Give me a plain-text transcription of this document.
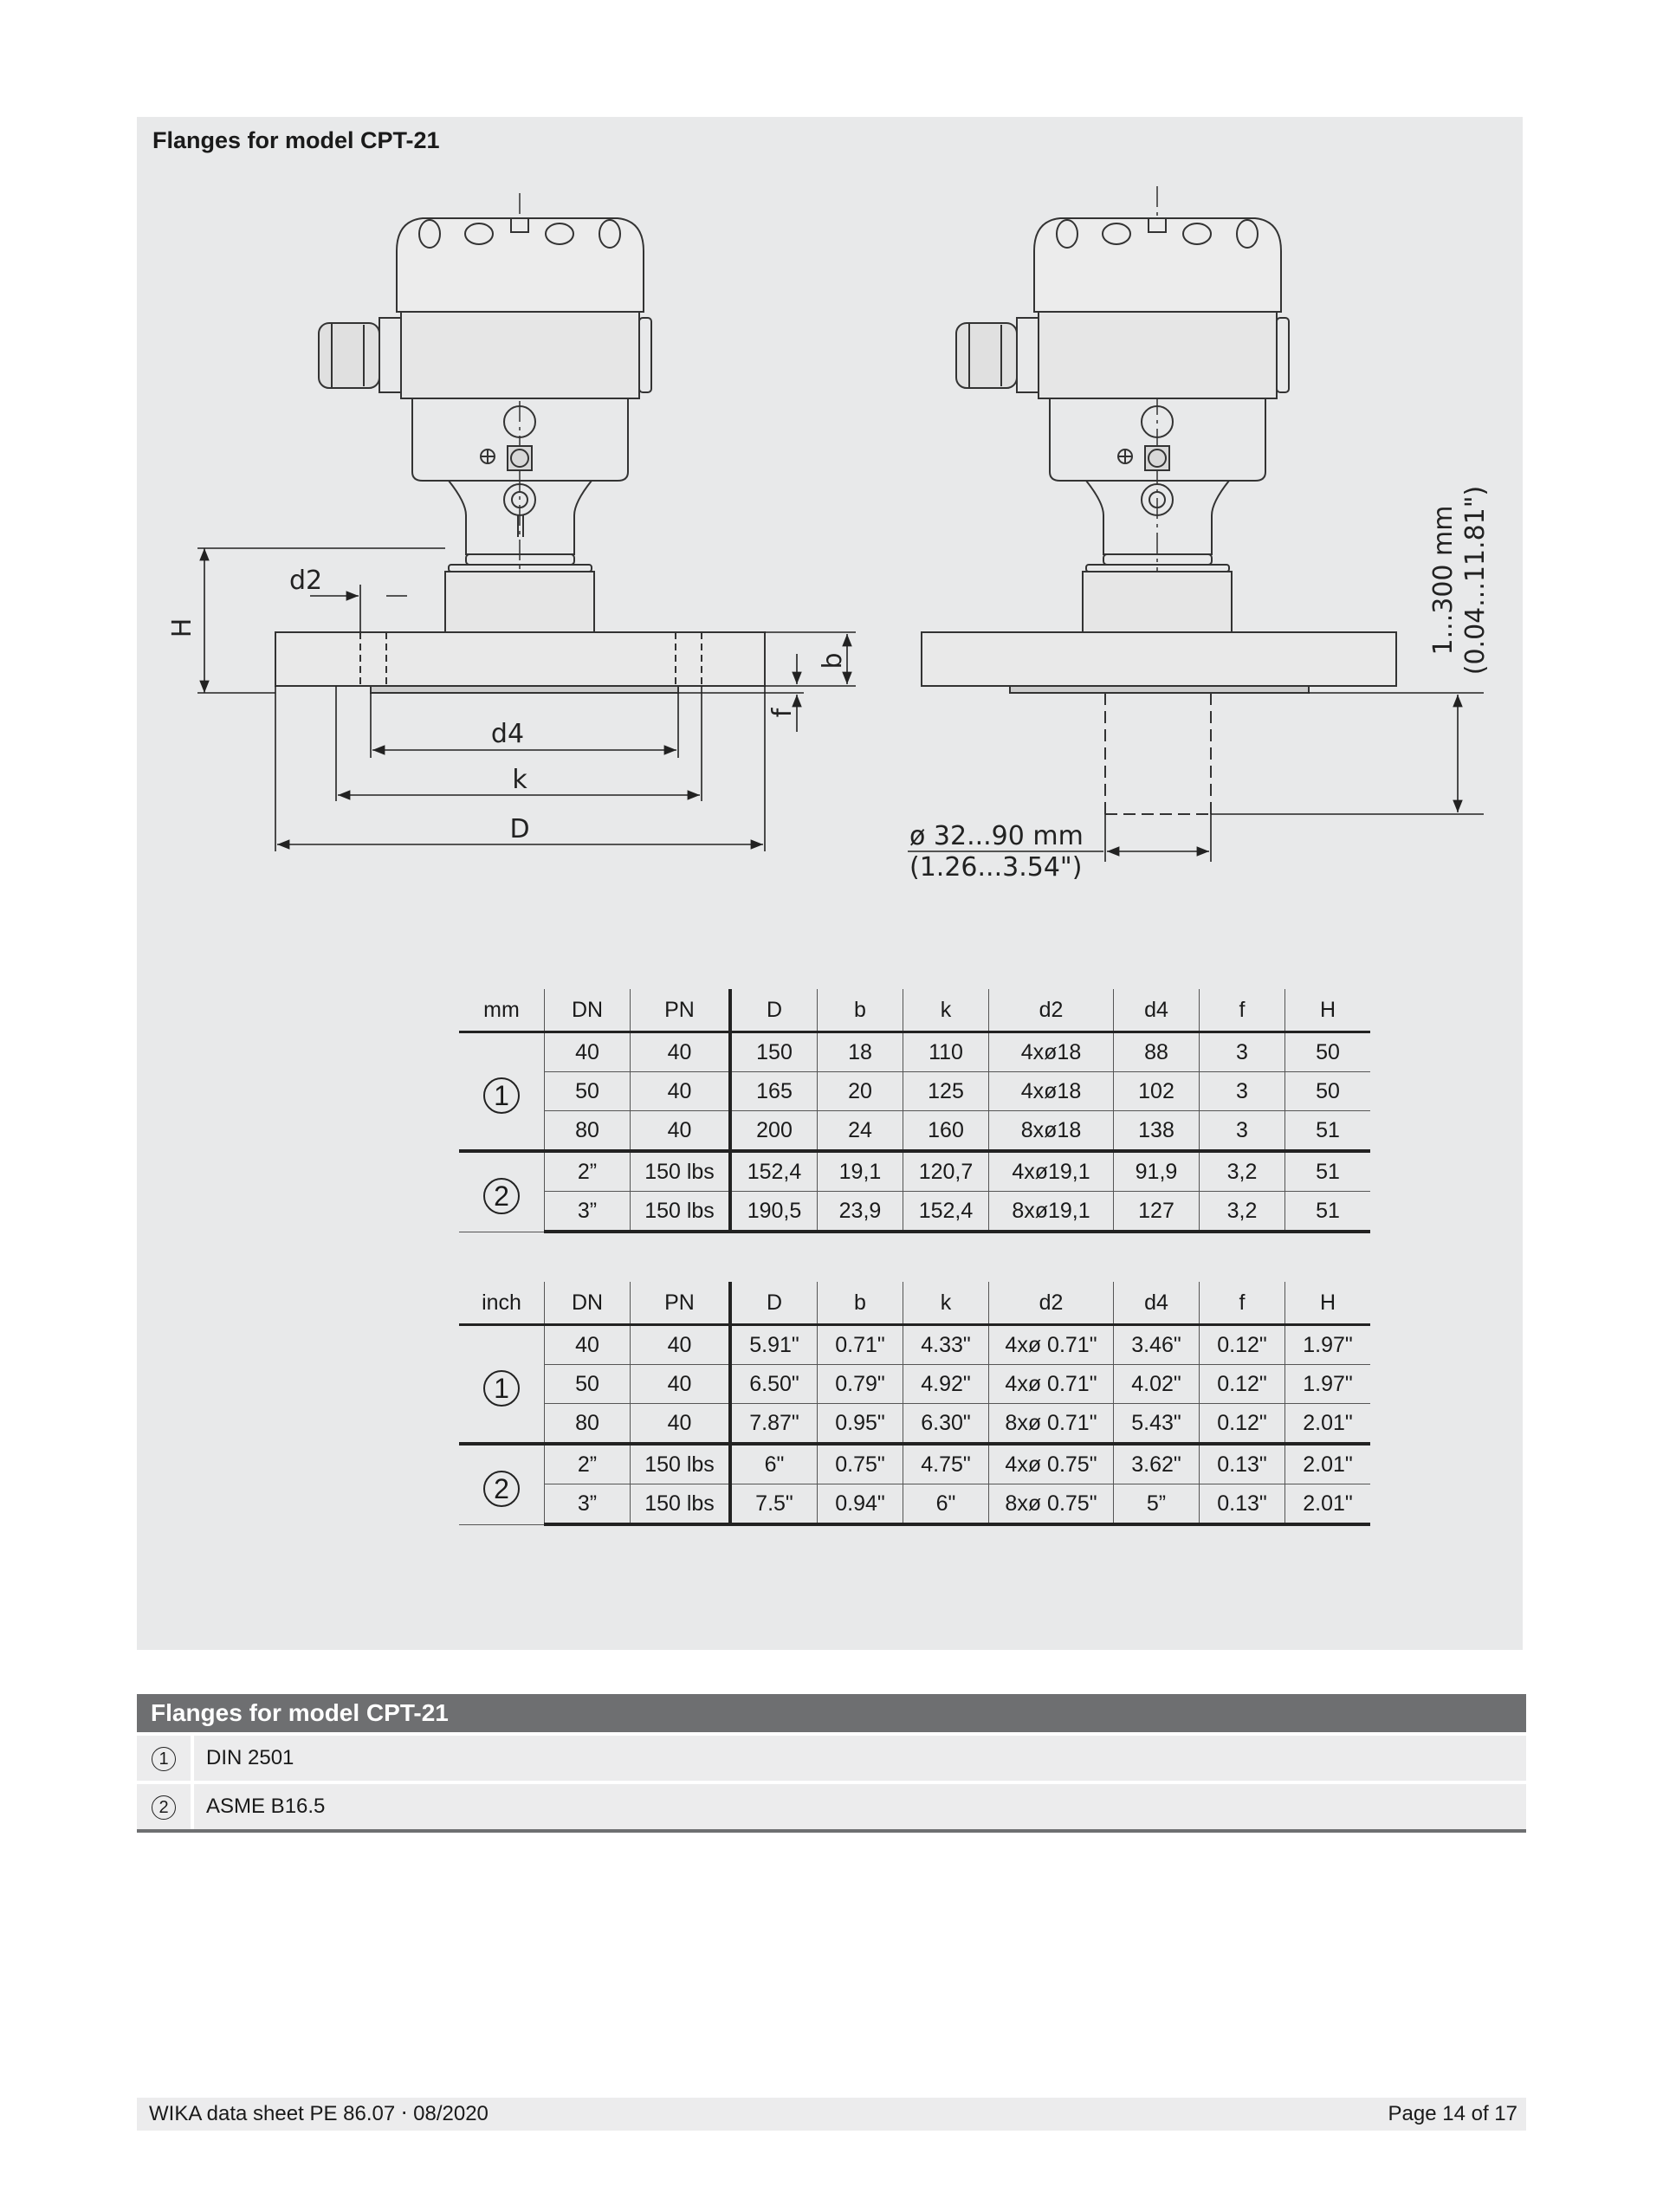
Flanges for model CPT-21
H
d2
b
f
d4
k
D
1...300 mm (0.04...11.81")
ø 32...90 mm
(1.26...3.54")
mm	DN	PN	D	b	k	d2	d4	f	H
1	40	40	150	18	110	4xø18	88	3	50
	50	40	165	20	125	4xø18	102	3	50
	80	40	200	24	160	8xø18	138	3	51
2	2”	150 lbs	152,4	19,1	120,7	4xø19,1	91,9	3,2	51
	3”	150 lbs	190,5	23,9	152,4	8xø19,1	127	3,2	51
inch	DN	PN	D	b	k	d2	d4	f	H
1	40	40	5.91"	0.71"	4.33"	4xø 0.71"	3.46"	0.12"	1.97"
	50	40	6.50"	0.79"	4.92"	4xø 0.71"	4.02"	0.12"	1.97"
	80	40	7.87"	0.95"	6.30"	8xø 0.71"	5.43"	0.12"	2.01"
2	2”	150 lbs	6"	0.75"	4.75"	4xø 0.75"	3.62"	0.13"	2.01"
	3”	150 lbs	7.5"	0.94"	6"	8xø 0.75"	5”	0.13"	2.01"
Flanges for model CPT-21
1	DIN 2501
2	ASME B16.5
WIKA data sheet PE 86.07 ⋅ 08/2020	Page 14 of 17
